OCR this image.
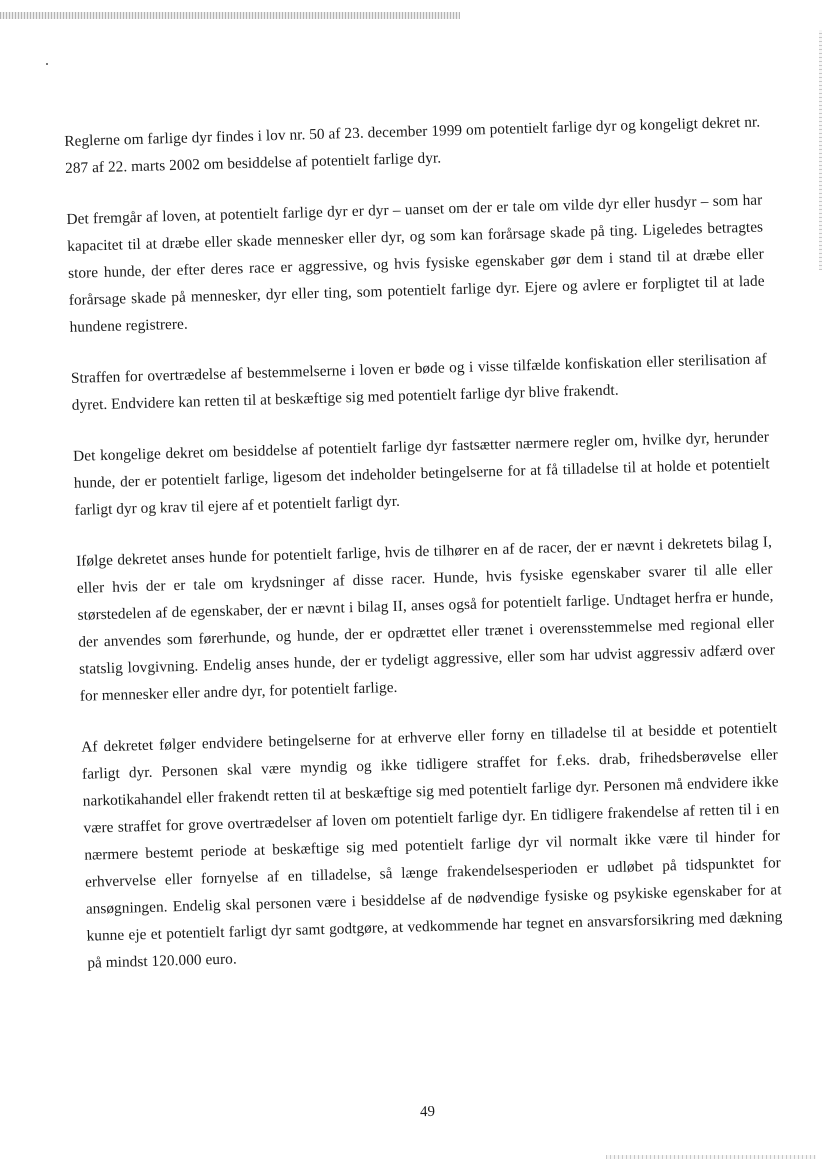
Reglerne om farlige dyr findes i lov nr. 50 af 23. december 1999 om potentielt farlige dyr og kongeligt dekret nr. 287 af 22. marts 2002 om besiddelse af potentielt farlige dyr.

Det fremgår af loven, at potentielt farlige dyr er dyr – uanset om der er tale om vilde dyr eller husdyr – som har kapacitet til at dræbe eller skade mennesker eller dyr, og som kan forårsage skade på ting. Ligeledes betragtes store hunde, der efter deres race er aggressive, og hvis fysiske egenskaber gør dem i stand til at dræbe eller forårsage skade på mennesker, dyr eller ting, som potentielt farlige dyr. Ejere og avlere er forpligtet til at lade hundene registrere.

Straffen for overtrædelse af bestemmelserne i loven er bøde og i visse tilfælde konfiskation eller sterilisation af dyret. Endvidere kan retten til at beskæftige sig med potentielt farlige dyr blive frakendt.

Det kongelige dekret om besiddelse af potentielt farlige dyr fastsætter nærmere regler om, hvilke dyr, herunder hunde, der er potentielt farlige, ligesom det indeholder betingelserne for at få tilladelse til at holde et potentielt farligt dyr og krav til ejere af et potentielt farligt dyr.

Ifølge dekretet anses hunde for potentielt farlige, hvis de tilhører en af de racer, der er nævnt i dekretets bilag I, eller hvis der er tale om krydsninger af disse racer. Hunde, hvis fysiske egenskaber svarer til alle eller størstedelen af de egenskaber, der er nævnt i bilag II, anses også for potentielt farlige. Undtaget herfra er hunde, der anvendes som førerhunde, og hunde, der er opdrættet eller trænet i overensstemmelse med regional eller statslig lovgivning. Endelig anses hunde, der er tydeligt aggressive, eller som har udvist aggressiv adfærd over for mennesker eller andre dyr, for potentielt farlige.

Af dekretet følger endvidere betingelserne for at erhverve eller forny en tilladelse til at besidde et potentielt farligt dyr. Personen skal være myndig og ikke tidligere straffet for f.eks. drab, frihedsberøvelse eller narkotikahandel eller frakendt retten til at beskæftige sig med potentielt farlige dyr. Personen må endvidere ikke være straffet for grove overtrædelser af loven om potentielt farlige dyr. En tidligere frakendelse af retten til i en nærmere bestemt periode at beskæftige sig med potentielt farlige dyr vil normalt ikke være til hinder for erhvervelse eller fornyelse af en tilladelse, så længe frakendelsesperioden er udløbet på tidspunktet for ansøgningen. Endelig skal personen være i besiddelse af de nødvendige fysiske og psykiske egenskaber for at kunne eje et potentielt farligt dyr samt godtgøre, at vedkommende har tegnet en ansvarsforsikring med dækning på mindst 120.000 euro.

49
